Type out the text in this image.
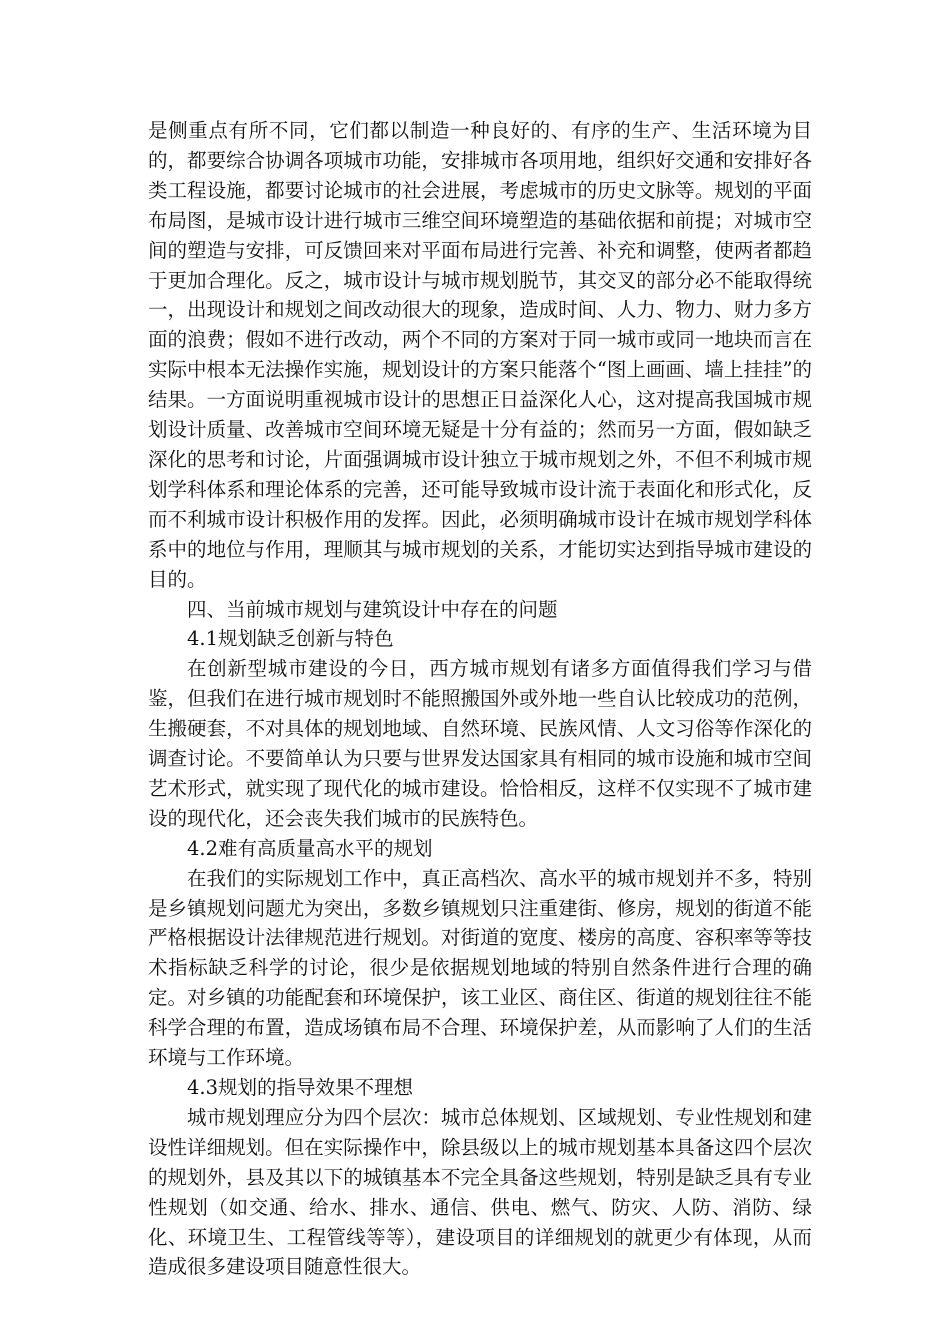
是侧重点有所不同，它们都以制造一种良好的、有序的生产、生活环境为目的，都要综合协调各项城市功能，安排城市各项用地，组织好交通和安排好各类工程设施，都要讨论城市的社会进展，考虑城市的历史文脉等。规划的平面布局图，是城市设计进行城市三维空间环境塑造的基础依据和前提；对城市空间的塑造与安排，可反馈回来对平面布局进行完善、补充和调整，使两者都趋于更加合理化。反之，城市设计与城市规划脱节，其交叉的部分必不能取得统一，出现设计和规划之间改动很大的现象，造成时间、人力、物力、财力多方面的浪费；假如不进行改动，两个不同的方案对于同一城市或同一地块而言在实际中根本无法操作实施，规划设计的方案只能落个“图上画画、墙上挂挂”的结果。一方面说明重视城市设计的思想正日益深化人心，这对提高我国城市规划设计质量、改善城市空间环境无疑是十分有益的；然而另一方面，假如缺乏深化的思考和讨论，片面强调城市设计独立于城市规划之外，不但不利城市规划学科体系和理论体系的完善，还可能导致城市设计流于表面化和形式化，反而不利城市设计积极作用的发挥。因此，必须明确城市设计在城市规划学科体系中的地位与作用，理顺其与城市规划的关系，才能切实达到指导城市建设的目的。

四、当前城市规划与建筑设计中存在的问题

4.1规划缺乏创新与特色

在创新型城市建设的今日，西方城市规划有诸多方面值得我们学习与借鉴，但我们在进行城市规划时不能照搬国外或外地一些自认比较成功的范例，生搬硬套，不对具体的规划地域、自然环境、民族风情、人文习俗等作深化的调查讨论。不要简单认为只要与世界发达国家具有相同的城市设施和城市空间艺术形式，就实现了现代化的城市建设。恰恰相反，这样不仅实现不了城市建设的现代化，还会丧失我们城市的民族特色。

4.2难有高质量高水平的规划

在我们的实际规划工作中，真正高档次、高水平的城市规划并不多，特别是乡镇规划问题尤为突出，多数乡镇规划只注重建街、修房，规划的街道不能严格根据设计法律规范进行规划。对街道的宽度、楼房的高度、容积率等等技术指标缺乏科学的讨论，很少是依据规划地域的特别自然条件进行合理的确定。对乡镇的功能配套和环境保护，该工业区、商住区、街道的规划往往不能科学合理的布置，造成场镇布局不合理、环境保护差，从而影响了人们的生活环境与工作环境。

4.3规划的指导效果不理想

城市规划理应分为四个层次：城市总体规划、区域规划、专业性规划和建设性详细规划。但在实际操作中，除县级以上的城市规划基本具备这四个层次的规划外，县及其以下的城镇基本不完全具备这些规划，特别是缺乏具有专业性规划（如交通、给水、排水、通信、供电、燃气、防灾、人防、消防、绿化、环境卫生、工程管线等等），建设项目的详细规划的就更少有体现，从而造成很多建设项目随意性很大。
